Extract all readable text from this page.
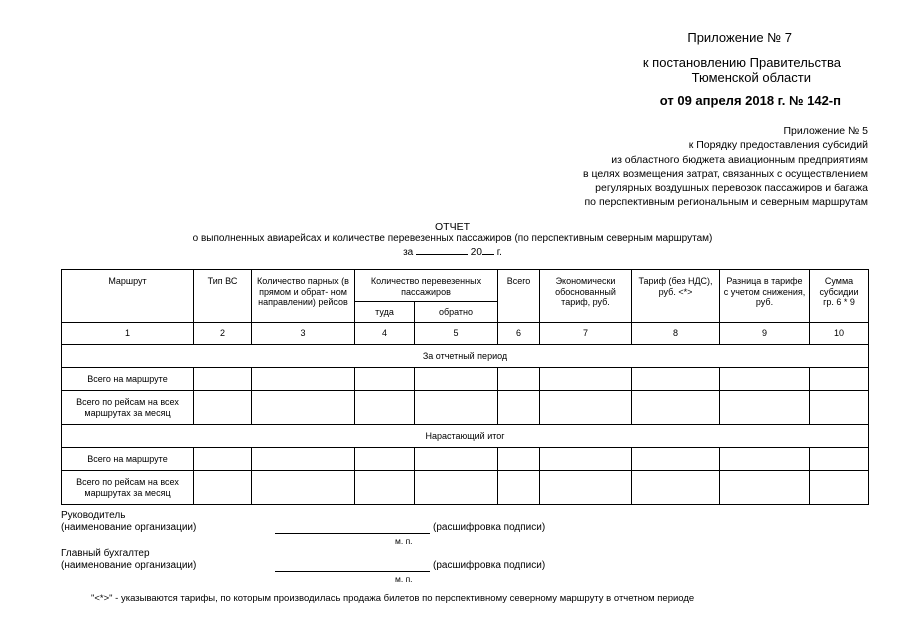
Приложение № 7
к постановлению Правительства
Тюменской области
от 09 апреля 2018 г. № 142-п
Приложение № 5
к Порядку предоставления субсидий
из областного бюджета авиационным предприятиям
в целях возмещения затрат, связанных с осуществлением
регулярных воздушных перевозок пассажиров и багажа
по перспективным региональным и северным маршрутам
ОТЧЕТ
о выполненных авиарейсах и количестве перевезенных пассажиров (по перспективным северным маршрутам)
за	20 г.
Маршрут	Тип ВС	Количество парных (в прямом и обрат- ном направлении) рейсов	Количество перевезенных пассажиров		Всего	Экономически обоснованный тариф, руб.	Тариф (без НДС), руб. <*>	Разница в тарифе с учетом снижения, руб.	Сумма субсидии гр. 6 * 9
			туда	обратно					
1	2	3	4	5	6	7	8	9	10
За отчетный период									
Всего на маршруте									
Всего по рейсам на всех маршрутах за месяц									
Нарастающий итог									
Всего на маршруте									
Всего по рейсам на всех маршрутах за месяц									
Руководитель
(наименование организации)	(расшифровка подписи)
м. п.
Главный бухгалтер
(наименование организации)	(расшифровка подписи)
м. п.
"<*>" - указываются тарифы, по которым производилась продажа билетов по перспективному северному маршруту в отчетном периоде
